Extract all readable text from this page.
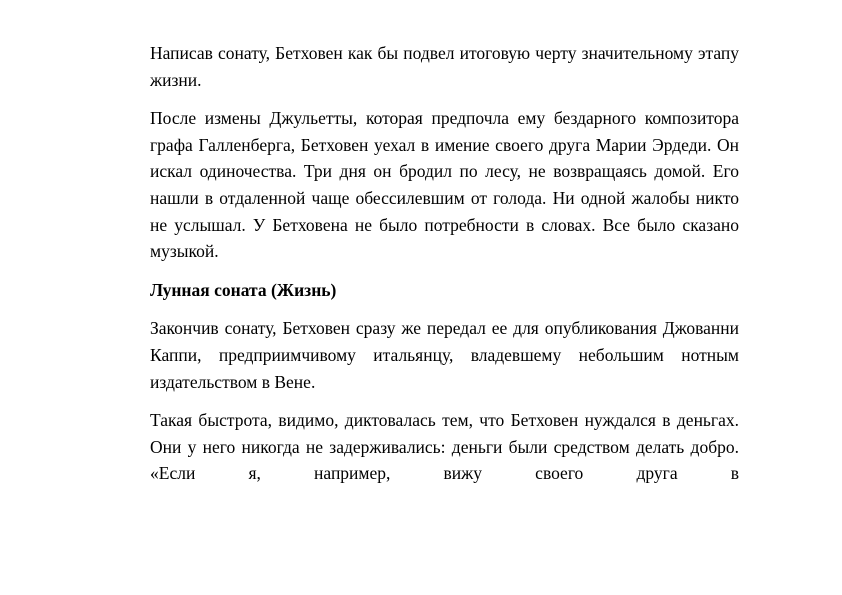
Написав сонату, Бетховен как бы подвел итоговую черту значительному этапу жизни.

После измены Джульетты, которая предпочла ему бездарного композитора графа Галленберга, Бетховен уехал в имение своего друга Марии Эрдеди. Он искал одиночества. Три дня он бродил по лесу, не возвращаясь домой. Его нашли в отдаленной чаще обессилевшим от голода. Ни одной жалобы никто не услышал. У Бетховена не было потребности в словах. Все было сказано музыкой.

Лунная соната (Жизнь)

Закончив сонату, Бетховен сразу же передал ее для опубликования Джованни Каппи, предприимчивому итальянцу, владевшему небольшим нотным издательством в Вене.

Такая быстрота, видимо, диктовалась тем, что Бетховен нуждался в деньгах. Они у него никогда не задерживались: деньги были средством делать добро. «Если я, например, вижу своего друга в
